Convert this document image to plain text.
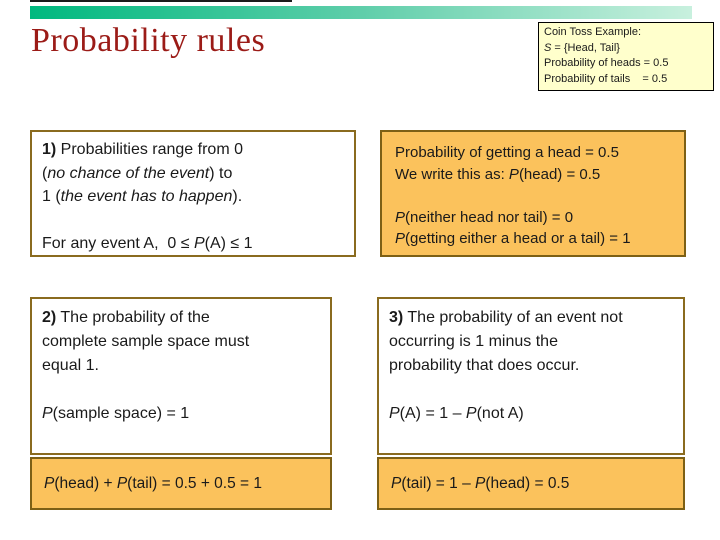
Probability rules	Coin Toss Example:
S = {Head, Tail}
Probability of heads = 0.5
Probability of tails    = 0.5
1) Probabilities range from 0
(no chance of the event) to
1 (the event has to happen).

For any event A,  0 ≤ P(A) ≤ 1
Probability of getting a head = 0.5
We write this as: P(head) = 0.5

P(neither head nor tail) = 0
P(getting either a head or a tail) = 1
2) The probability of the
complete sample space must
equal 1.

P(sample space) = 1
3) The probability of an event not
occurring is 1 minus the
probability that does occur.

P(A) = 1 – P(not A)
P(head) + P(tail) = 0.5 + 0.5 = 1	P(tail) = 1 – P(head) = 0.5
